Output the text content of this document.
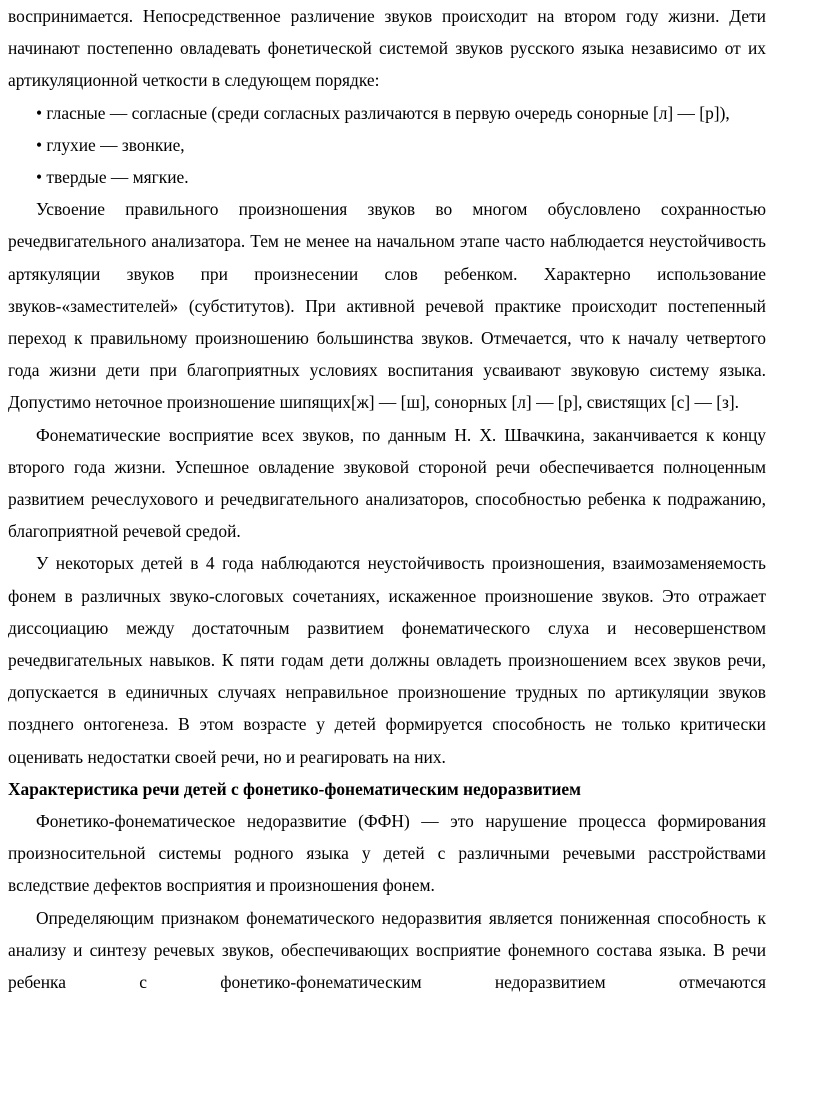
воспринимается. Непосредственное различение звуков происходит на втором году жизни. Дети начинают постепенно овладевать фонетической системой звуков русского языка независимо от их артикуляционной четкости в следующем порядке:

• гласные — согласные (среди согласных различаются в первую очередь сонорные [л] — [р]),

• глухие — звонкие,

• твердые — мягкие.

Усвоение правильного произношения звуков во многом обусловлено сохранностью речедвигательного анализатора. Тем не менее на начальном этапе часто наблюдается неустойчивость артякуляции звуков при произнесении слов ребенком. Характерно использование звуков-«заместителей» (субститутов). При активной речевой практике происходит постепенный переход к правильному произношению большинства звуков. Отмечается, что к началу четвертого года жизни дети при благоприятных условиях воспитания усваивают звуковую систему языка. Допустимо неточное произношение шипящих[ж] — [ш], сонорных [л] — [р], свистящих [с] — [з].

Фонематические восприятие всех звуков, по данным Н. Х. Швачкина, заканчивается к концу второго года жизни. Успешное овладение звуковой стороной речи обеспечивается полноценным развитием речеслухового и речедвигательного анализаторов, способностью ребенка к подражанию, благоприятной речевой средой.

У некоторых детей в 4 года наблюдаются неустойчивость произношения, взаимозаменяемость фонем в различных звуко-слоговых сочетаниях, искаженное произношение звуков. Это отражает диссоциацию между достаточным развитием фонематического слуха и несовершенством речедвигательных навыков. К пяти годам дети должны овладеть произношением всех звуков речи, допускается в единичных случаях неправильное произношение трудных по артикуляции звуков позднего онтогенеза. В этом возрасте у детей формируется способность не только критически оценивать недостатки своей речи, но и реагировать на них.

Характеристика речи детей с фонетико-фонематическим недоразвитием

Фонетико-фонематическое недоразвитие (ФФН) — это нарушение процесса формирования произносительной системы родного языка у детей с различными речевыми расстройствами вследствие дефектов восприятия и произношения фонем.

Определяющим признаком фонематического недоразвития является пониженная способность к анализу и синтезу речевых звуков, обеспечивающих восприятие фонемного состава языка. В речи ребенка с фонетико-фонематическим недоразвитием отмечаются
